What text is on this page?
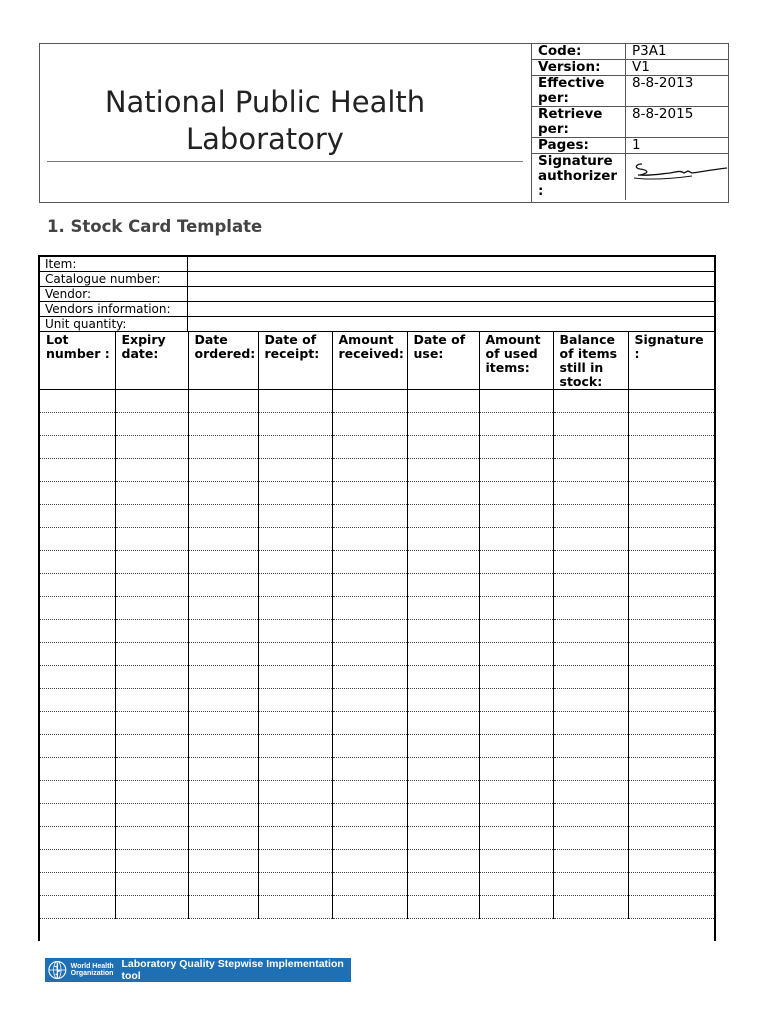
National Public Health Laboratory
Code:	P3A1
Version:	V1
Effective per:	8-8-2013
Retrieve per:	8-8-2015
Pages:	1
Signature authorizer :	
1. Stock Card Template
Item:	
Catalogue number:	
Vendor:	
Vendors information:	
Unit quantity:	
Lot number :	Expiry date:	Date ordered:	Date of receipt:	Amount received:	Date of use:	Amount of used items:	Balance of items still in stock:	Signature :

World Health
Organization
Laboratory Quality Stepwise Implementation tool
